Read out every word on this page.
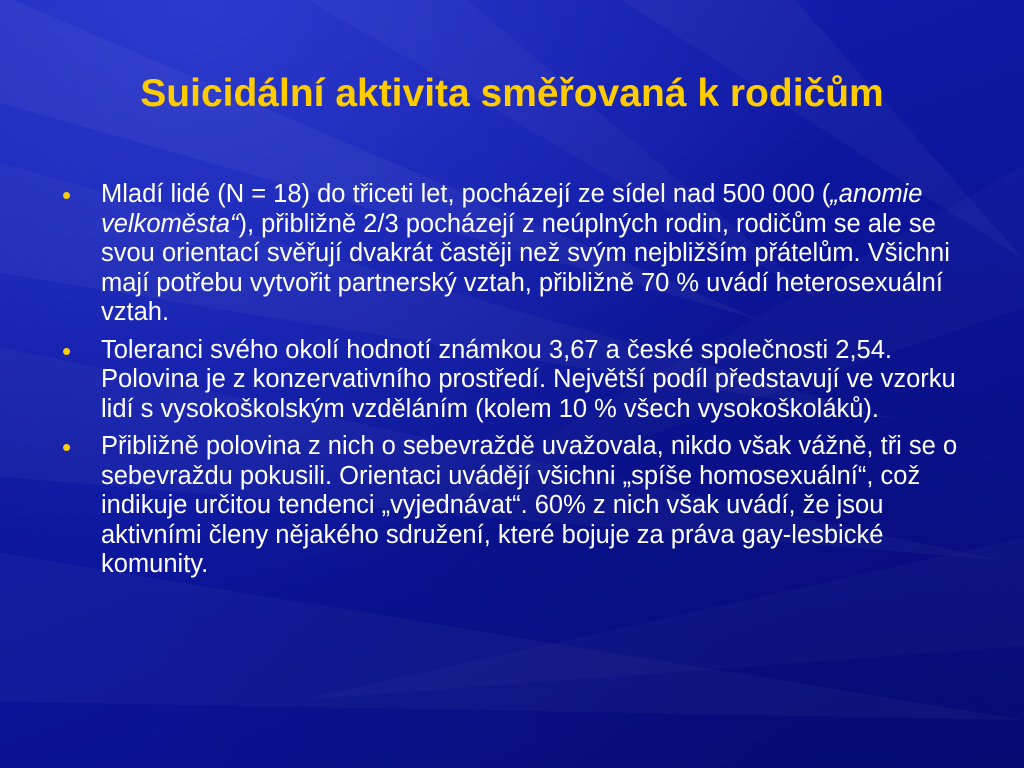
Suicidální aktivita směřovaná k rodičům
• Mladí lidé (N = 18) do třiceti let, pocházejí ze sídel nad 500 000 („anomie velkoměsta“), přibližně 2/3 pocházejí z neúplných rodin, rodičům se ale se svou orientací svěřují dvakrát častěji než svým nejbližším přátelům. Všichni mají potřebu vytvořit partnerský vztah, přibližně 70 % uvádí heterosexuální vztah.
• Toleranci svého okolí hodnotí známkou 3,67 a české společnosti 2,54. Polovina je z konzervativního prostředí. Největší podíl představují ve vzorku lidí s vysokoškolským vzděláním (kolem 10 % všech vysokoškoláků).
• Přibližně polovina z nich o sebevraždě uvažovala, nikdo však vážně, tři se o sebevraždu pokusili. Orientaci uvádějí všichni „spíše homosexuální“, což indikuje určitou tendenci „vyjednávat“. 60% z nich však uvádí, že jsou aktivními členy nějakého sdružení, které bojuje za práva gay-lesbické komunity.
